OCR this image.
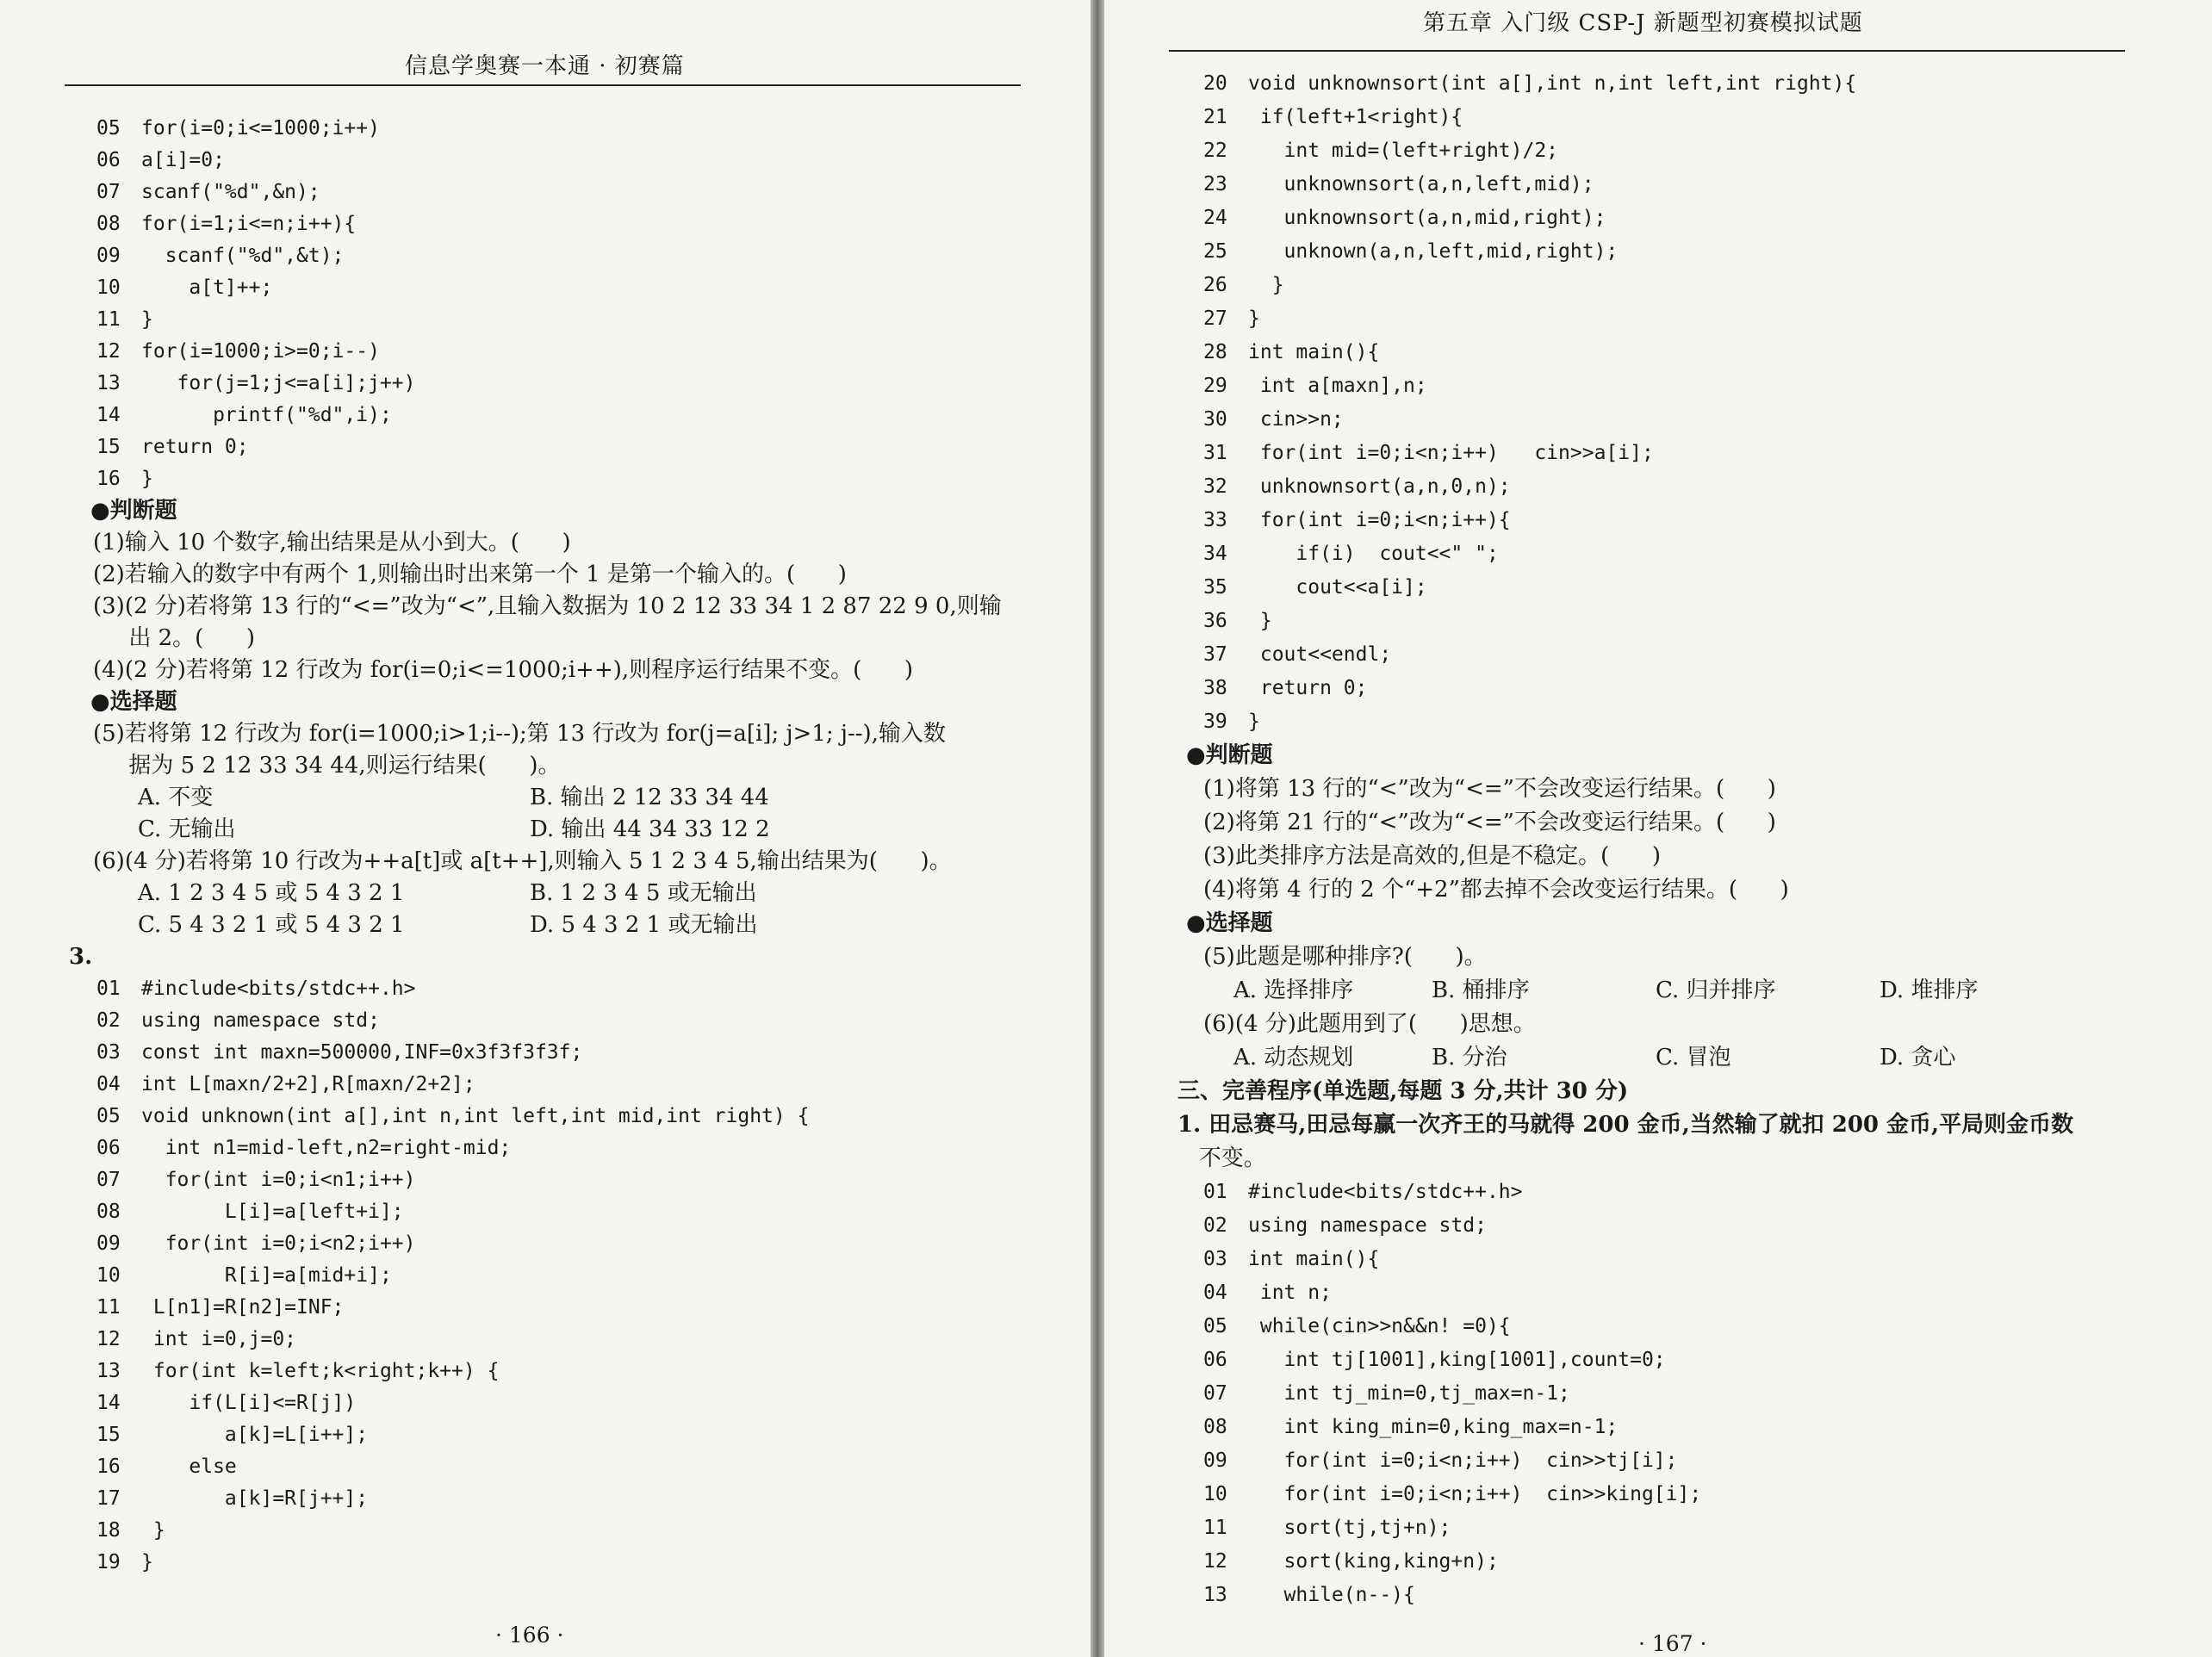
信息学奥赛一本通 · 初赛篇
· 166 ·
05 for(i=0;i<=1000;i++)
06 a[i]=0;
07 scanf("%d",&n);
08 for(i=1;i<=n;i++){
09  scanf("%d",&t);
10    a[t]++;
11 }
12 for(i=1000;i>=0;i--)
13   for(j=1;j<=a[i];j++)
14      printf("%d",i);
15 return 0;
16 }
●判断题
(1)输入 10 个数字,输出结果是从小到大。(      )
(2)若输入的数字中有两个 1,则输出时出来第一个 1 是第一个输入的。(      )
(3)(2 分)若将第 13 行的“<=”改为“<”,且输入数据为 10 2 12 33 34 1 2 87 22 9 0,则输
出 2。(      )
(4)(2 分)若将第 12 行改为 for(i=0;i<=1000;i++),则程序运行结果不变。(      )
●选择题
(5)若将第 12 行改为 for(i=1000;i>1;i--);第 13 行改为 for(j=a[i]; j>1; j--),输入数
据为 5 2 12 33 34 44,则运行结果(      )。
A. 不变	B. 输出 2 12 33 34 44
C. 无输出	D. 输出 44 34 33 12 2
(6)(4 分)若将第 10 行改为++a[t]或 a[t++],则输入 5 1 2 3 4 5,输出结果为(      )。
A. 1 2 3 4 5 或 5 4 3 2 1	B. 1 2 3 4 5 或无输出
C. 5 4 3 2 1 或 5 4 3 2 1	D. 5 4 3 2 1 或无输出
3.
01 #include<bits/stdc++.h>
02 using namespace std;
03 const int maxn=500000,INF=0x3f3f3f3f;
04 int L[maxn/2+2],R[maxn/2+2];
05 void unknown(int a[],int n,int left,int mid,int right) {
06  int n1=mid-left,n2=right-mid;
07  for(int i=0;i<n1;i++)
08       L[i]=a[left+i];
09  for(int i=0;i<n2;i++)
10       R[i]=a[mid+i];
11 L[n1]=R[n2]=INF;
12 int i=0,j=0;
13 for(int k=left;k<right;k++) {
14    if(L[i]<=R[j])
15       a[k]=L[i++];
16    else
17       a[k]=R[j++];
18 }
19 }
第五章 入门级 CSP-J 新题型初赛模拟试题
· 167 ·
20 void unknownsort(int a[],int n,int left,int right){
21 if(left+1<right){
22   int mid=(left+right)/2;
23   unknownsort(a,n,left,mid);
24   unknownsort(a,n,mid,right);
25   unknown(a,n,left,mid,right);
26  }
27 }
28 int main(){
29 int a[maxn],n;
30 cin>>n;
31 for(int i=0;i<n;i++)   cin>>a[i];
32 unknownsort(a,n,0,n);
33 for(int i=0;i<n;i++){
34    if(i)  cout<<" ";
35    cout<<a[i];
36 }
37 cout<<endl;
38 return 0;
39 }
●判断题
(1)将第 13 行的“<”改为“<=”不会改变运行结果。(      )
(2)将第 21 行的“<”改为“<=”不会改变运行结果。(      )
(3)此类排序方法是高效的,但是不稳定。(      )
(4)将第 4 行的 2 个“+2”都去掉不会改变运行结果。(      )
●选择题
(5)此题是哪种排序?(      )。
A. 选择排序	B. 桶排序	C. 归并排序	D. 堆排序
(6)(4 分)此题用到了(      )思想。
A. 动态规划	B. 分治	C. 冒泡	D. 贪心
三、完善程序(单选题,每题 3 分,共计 30 分)
1. 田忌赛马,田忌每赢一次齐王的马就得 200 金币,当然输了就扣 200 金币,平局则金币数
不变。
01 #include<bits/stdc++.h>
02 using namespace std;
03 int main(){
04 int n;
05 while(cin>>n&&n! =0){
06   int tj[1001],king[1001],count=0;
07   int tj_min=0,tj_max=n-1;
08   int king_min=0,king_max=n-1;
09   for(int i=0;i<n;i++)  cin>>tj[i];
10   for(int i=0;i<n;i++)  cin>>king[i];
11   sort(tj,tj+n);
12   sort(king,king+n);
13   while(n--){
